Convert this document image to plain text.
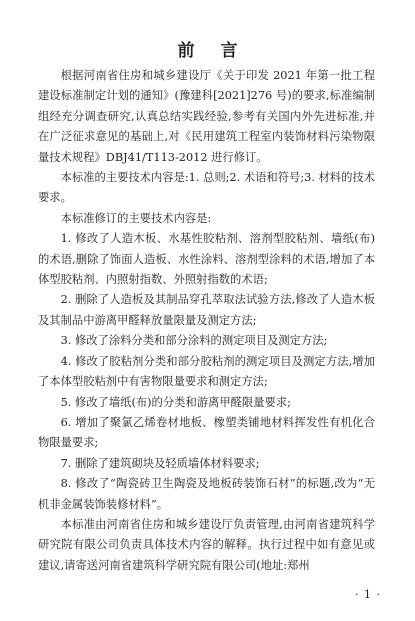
前 言

根据河南省住房和城乡建设厅《关于印发 2021 年第一批工程建设标准制定计划的通知》(豫建科[2021]276 号)的要求,标准编制组经充分调查研究,认真总结实践经验,参考有关国内外先进标准,并在广泛征求意见的基础上,对《民用建筑工程室内装饰材料污染物限量技术规程》DBJ41/T113-2012 进行修订。

本标准的主要技术内容是:1. 总则;2. 术语和符号;3. 材料的技术要求。

本标准修订的主要技术内容是:

1. 修改了人造木板、水基性胶粘剂、溶剂型胶粘剂、墙纸(布)的术语,删除了饰面人造板、水性涂料、溶剂型涂料的术语,增加了本体型胶粘剂、内照射指数、外照射指数的术语;

2. 删除了人造板及其制品穿孔萃取法试验方法,修改了人造木板及其制品中游离甲醛释放量限量及测定方法;

3. 修改了涂料分类和部分涂料的测定项目及测定方法;

4. 修改了胶粘剂分类和部分胶粘剂的测定项目及测定方法,增加了本体型胶粘剂中有害物限量要求和测定方法;

5. 修改了墙纸(布)的分类和游离甲醛限量要求;

6. 增加了聚氯乙烯卷材地板、橡塑类铺地材料挥发性有机化合物限量要求;

7. 删除了建筑砌块及轻质墙体材料要求;

8. 修改了“陶瓷砖卫生陶瓷及地板砖装饰石材”的标题,改为“无机非金属装饰装修材料”。

本标准由河南省住房和城乡建设厅负责管理,由河南省建筑科学研究院有限公司负责具体技术内容的解释。执行过程中如有意见或建议,请寄送河南省建筑科学研究院有限公司(地址:郑州

· 1 ·
